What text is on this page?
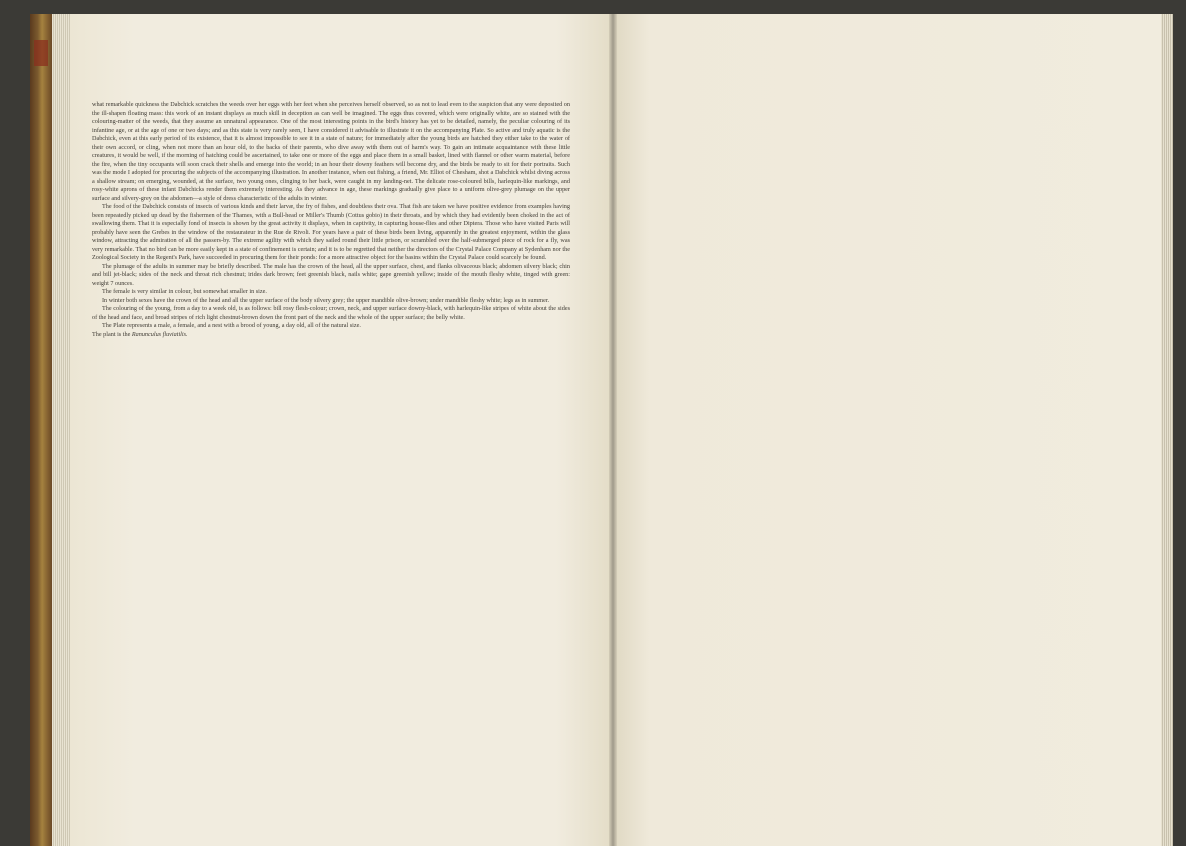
what remarkable quickness the Dabchick scratches the weeds over her eggs with her feet when she perceives herself observed, so as not to lead even to the suspicion that any were deposited on the ill-shapen floating mass: this work of an instant displays as much skill in deception as can well be imagined. The eggs thus covered, which were originally white, are so stained with the colouring-matter of the weeds, that they assume an unnatural appearance. One of the most interesting points in the bird's history has yet to be detailed, namely, the peculiar colouring of its infantine age, or at the age of one or two days; and as this state is very rarely seen, I have considered it advisable to illustrate it on the accompanying Plate. So active and truly aquatic is the Dabchick, even at this early period of its existence, that it is almost impossible to see it in a state of nature; for immediately after the young birds are hatched they either take to the water of their own accord, or cling, when not more than an hour old, to the backs of their parents, who dive away with them out of harm's way. To gain an intimate acquaintance with these little creatures, it would be well, if the morning of hatching could be ascertained, to take one or more of the eggs and place them in a small basket, lined with flannel or other warm material, before the fire, when the tiny occupants will soon crack their shells and emerge into the world; in an hour their downy feathers will become dry, and the birds be ready to sit for their portraits. Such was the mode I adopted for procuring the subjects of the accompanying illustration. In another instance, when out fishing, a friend, Mr. Elliot of Chesham, shot a Dabchick whilst diving across a shallow stream; on emerging, wounded, at the surface, two young ones, clinging to her back, were caught in my landing-net. The delicate rose-coloured bills, harlequin-like markings, and rosy-white aprons of these infant Dabchicks render them extremely interesting. As they advance in age, these markings gradually give place to a uniform olive-grey plumage on the upper surface and silvery-grey on the abdomen—a style of dress characteristic of the adults in winter.

The food of the Dabchick consists of insects of various kinds and their larvæ, the fry of fishes, and doubtless their ova. That fish are taken we have positive evidence from examples having been repeatedly picked up dead by the fishermen of the Thames, with a Bull-head or Miller's Thumb (Cottus gobio) in their throats, and by which they had evidently been choked in the act of swallowing them. That it is especially fond of insects is shown by the great activity it displays, when in captivity, in capturing house-flies and other Diptera. Those who have visited Paris will probably have seen the Grebes in the window of the restaurateur in the Rue de Rivoli. For years have a pair of these birds been living, apparently in the greatest enjoyment, within the glass window, attracting the admiration of all the passers-by. The extreme agility with which they sailed round their little prison, or scrambled over the half-submerged piece of rock for a fly, was very remarkable. That no bird can be more easily kept in a state of confinement is certain; and it is to be regretted that neither the directors of the Crystal Palace Company at Sydenham nor the Zoological Society in the Regent's Park, have succeeded in procuring them for their ponds: for a more attractive object for the basins within the Crystal Palace could scarcely be found.

The plumage of the adults in summer may be briefly described. The male has the crown of the head, all the upper surface, chest, and flanks olivaceous black; abdomen silvery black; chin and bill jet-black; sides of the neck and throat rich chestnut; irides dark brown; feet greenish black, nails white; gape greenish yellow; inside of the mouth fleshy white, tinged with green: weight 7 ounces.

The female is very similar in colour, but somewhat smaller in size.

In winter both sexes have the crown of the head and all the upper surface of the body silvery grey; the upper mandible olive-brown; under mandible fleshy white; legs as in summer.

The colouring of the young, from a day to a week old, is as follows: bill rosy flesh-colour; crown, neck, and upper surface downy-black, with harlequin-like stripes of white about the sides of the head and face, and broad stripes of rich light chestnut-brown down the front part of the neck and the whole of the upper surface; the belly white.

The Plate represents a male, a female, and a nest with a brood of young, a day old, all of the natural size.

The plant is the Ranunculus fluviatilis.
